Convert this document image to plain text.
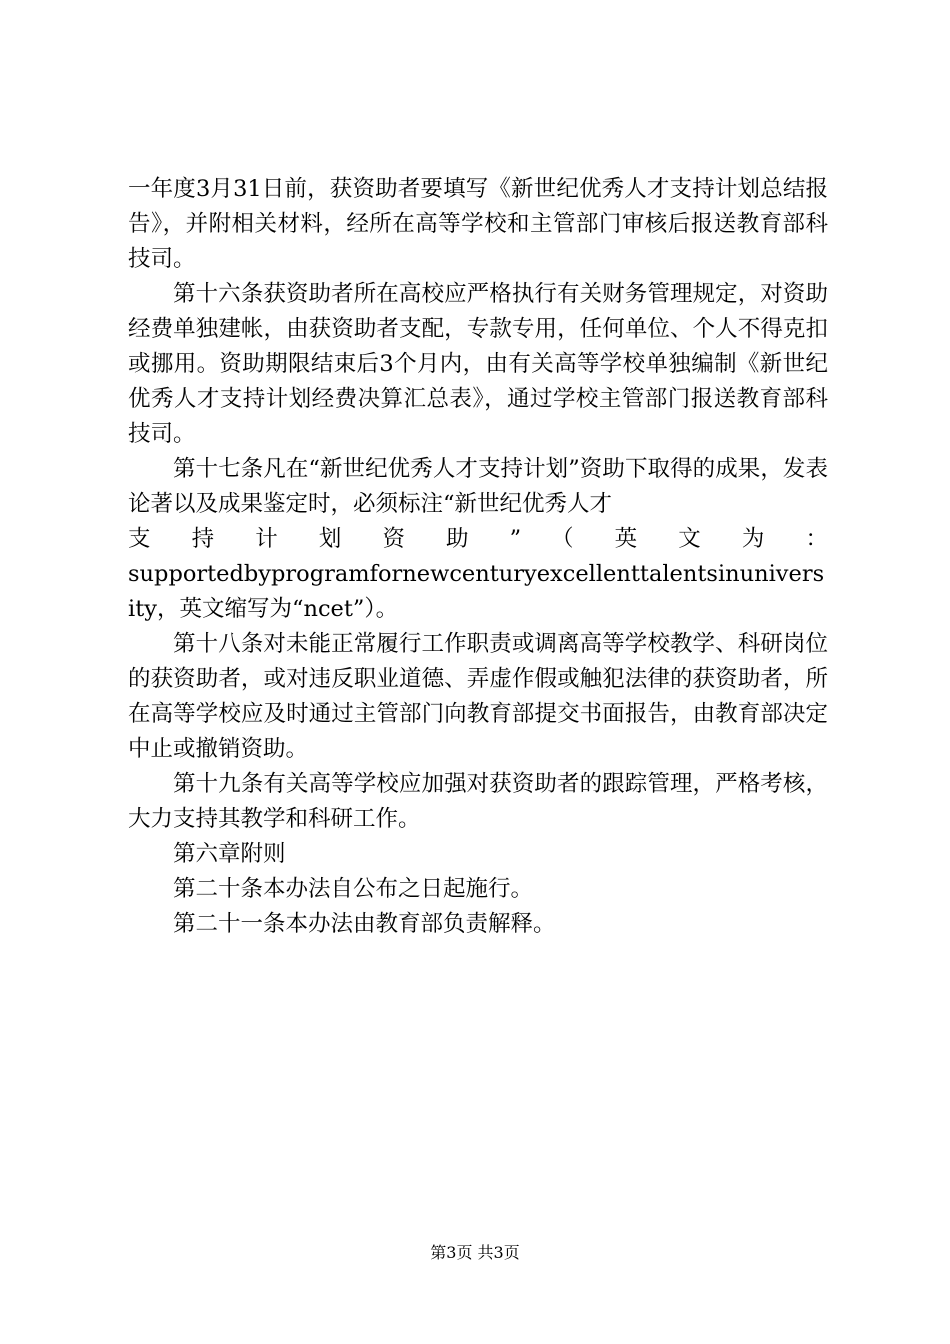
一年度3月31日前，获资助者要填写《新世纪优秀人才支持计划总结报告》，并附相关材料，经所在高等学校和主管部门审核后报送教育部科技司。

第十六条获资助者所在高校应严格执行有关财务管理规定，对资助经费单独建帐，由获资助者支配，专款专用，任何单位、个人不得克扣或挪用。资助期限结束后3个月内，由有关高等学校单独编制《新世纪优秀人才支持计划经费决算汇总表》，通过学校主管部门报送教育部科技司。

第十七条凡在“新世纪优秀人才支持计划”资助下取得的成果，发表论著以及成果鉴定时，必须标注“新世纪优秀人才

支持计划资助”（英文为：

supportedbyprogramfornewcenturyexcellenttalentsinuniversity，英文缩写为“ncet”）。

第十八条对未能正常履行工作职责或调离高等学校教学、科研岗位的获资助者，或对违反职业道德、弄虚作假或触犯法律的获资助者，所在高等学校应及时通过主管部门向教育部提交书面报告，由教育部决定中止或撤销资助。

第十九条有关高等学校应加强对获资助者的跟踪管理，严格考核，大力支持其教学和科研工作。

第六章附则

第二十条本办法自公布之日起施行。

第二十一条本办法由教育部负责解释。

第3页 共3页
